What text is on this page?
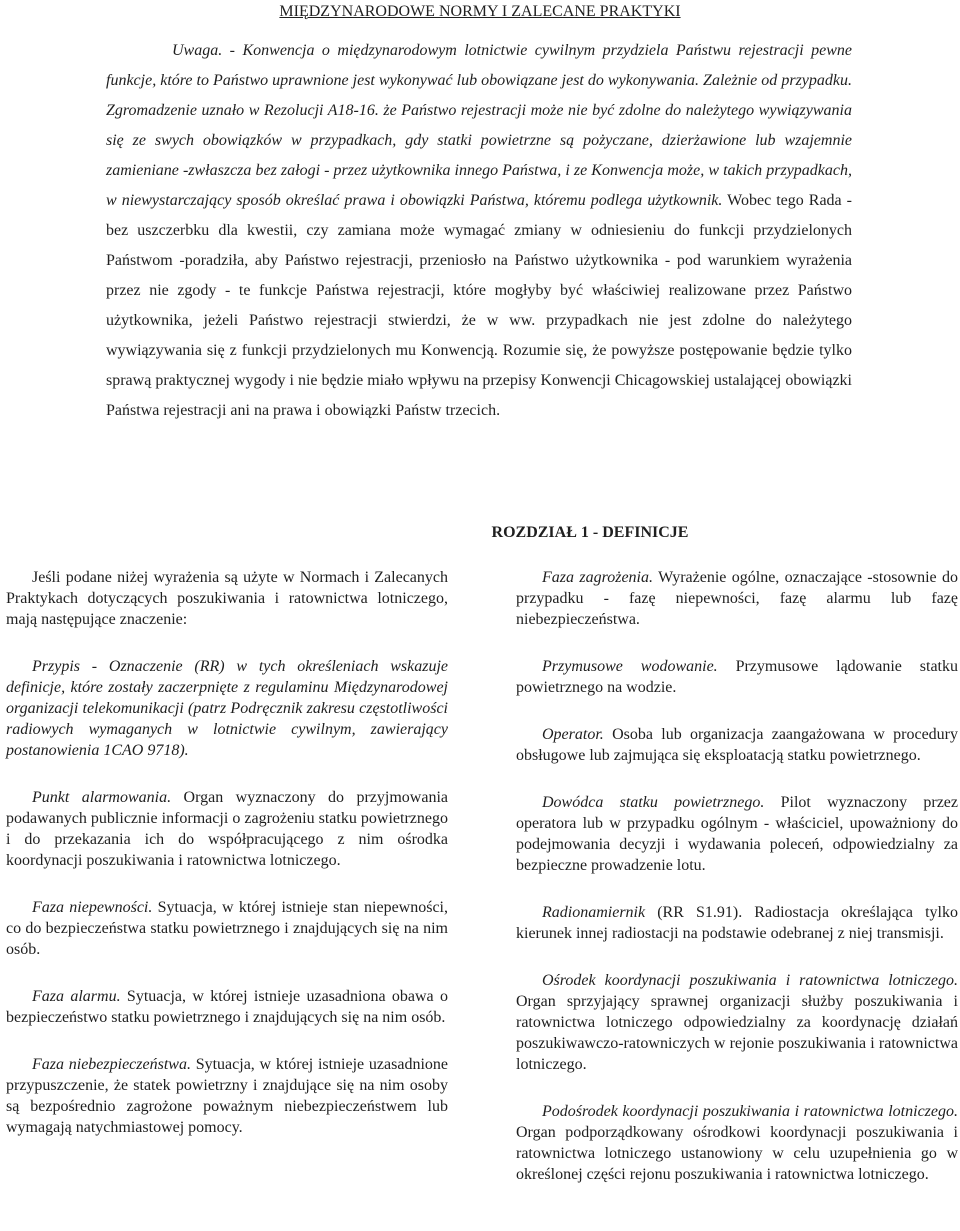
MIĘDZYNARODOWE NORMY I ZALECANE PRAKTYKI
Uwaga. - Konwencja o międzynarodowym lotnictwie cywilnym przydziela Państwu rejestracji pewne funkcje, które to Państwo uprawnione jest wykonywać lub obowiązane jest do wykonywania. Zależnie od przypadku. Zgromadzenie uznało w Rezolucji A18-16. że Państwo rejestracji może nie być zdolne do należytego wywiązywania się ze swych obowiązków w przypadkach, gdy statki powietrzne są pożyczane, dzierżawione lub wzajemnie zamieniane -zwłaszcza bez załogi - przez użytkownika innego Państwa, i ze Konwencja może, w takich przypadkach, w niewystarczający sposób określać prawa i obowiązki Państwa, któremu podlega użytkownik. Wobec tego Rada - bez uszczerbku dla kwestii, czy zamiana może wymagać zmiany w odniesieniu do funkcji przydzielonych Państwom -poradziła, aby Państwo rejestracji, przeniosło na Państwo użytkownika - pod warunkiem wyrażenia przez nie zgody - te funkcje Państwa rejestracji, które mogłyby być właściwiej realizowane przez Państwo użytkownika, jeżeli Państwo rejestracji stwierdzi, że w ww. przypadkach nie jest zdolne do należytego wywiązywania się z funkcji przydzielonych mu Konwencją. Rozumie się, że powyższe postępowanie będzie tylko sprawą praktycznej wygody i nie będzie miało wpływu na przepisy Konwencji Chicagowskiej ustalającej obowiązki Państwa rejestracji ani na prawa i obowiązki Państw trzecich.
ROZDZIAŁ 1 - DEFINICJE

Jeśli podane niżej wyrażenia są użyte w Normach i Zalecanych Praktykach dotyczących poszukiwania i ratownictwa lotniczego, mają następujące znaczenie:

Przypis - Oznaczenie (RR) w tych określeniach wskazuje definicje, które zostały zaczerpnięte z regulaminu Międzynarodowej organizacji telekomunikacji (patrz Podręcznik zakresu częstotliwości radiowych wymaganych w lotnictwie cywilnym, zawierający postanowienia 1CAO 9718).

Punkt alarmowania. Organ wyznaczony do przyjmowania podawanych publicznie informacji o zagrożeniu statku powietrznego i do przekazania ich do współpracującego z nim ośrodka koordynacji poszukiwania i ratownictwa lotniczego.

Faza niepewności. Sytuacja, w której istnieje stan niepewności, co do bezpieczeństwa statku powietrznego i znajdujących się na nim osób.

Faza alarmu. Sytuacja, w której istnieje uzasadniona obawa o bezpieczeństwo statku powietrznego i znajdujących się na nim osób.

Faza niebezpieczeństwa. Sytuacja, w której istnieje uzasadnione przypuszczenie, że statek powietrzny i znajdujące się na nim osoby są bezpośrednio zagrożone poważnym niebezpieczeństwem lub wymagają natychmiastowej pomocy.

Faza zagrożenia. Wyrażenie ogólne, oznaczające -stosownie do przypadku - fazę niepewności, fazę alarmu lub fazę niebezpieczeństwa.

Przymusowe wodowanie. Przymusowe lądowanie statku powietrznego na wodzie.

Operator. Osoba lub organizacja zaangażowana w procedury obsługowe lub zajmująca się eksploatacją statku powietrznego.

Dowódca statku powietrznego. Pilot wyznaczony przez operatora lub w przypadku ogólnym - właściciel, upoważniony do podejmowania decyzji i wydawania poleceń, odpowiedzialny za bezpieczne prowadzenie lotu.

Radionamiernik (RR S1.91). Radiostacja określająca tylko kierunek innej radiostacji na podstawie odebranej z niej transmisji.

Ośrodek koordynacji poszukiwania i ratownictwa lotniczego. Organ sprzyjający sprawnej organizacji służby poszukiwania i ratownictwa lotniczego odpowiedzialny za koordynację działań poszukiwawczo-ratowniczych w rejonie poszukiwania i ratownictwa lotniczego.

Podośrodek koordynacji poszukiwania i ratownictwa lotniczego. Organ podporządkowany ośrodkowi koordynacji poszukiwania i ratownictwa lotniczego ustanowiony w celu uzupełnienia go w określonej części rejonu poszukiwania i ratownictwa lotniczego.
